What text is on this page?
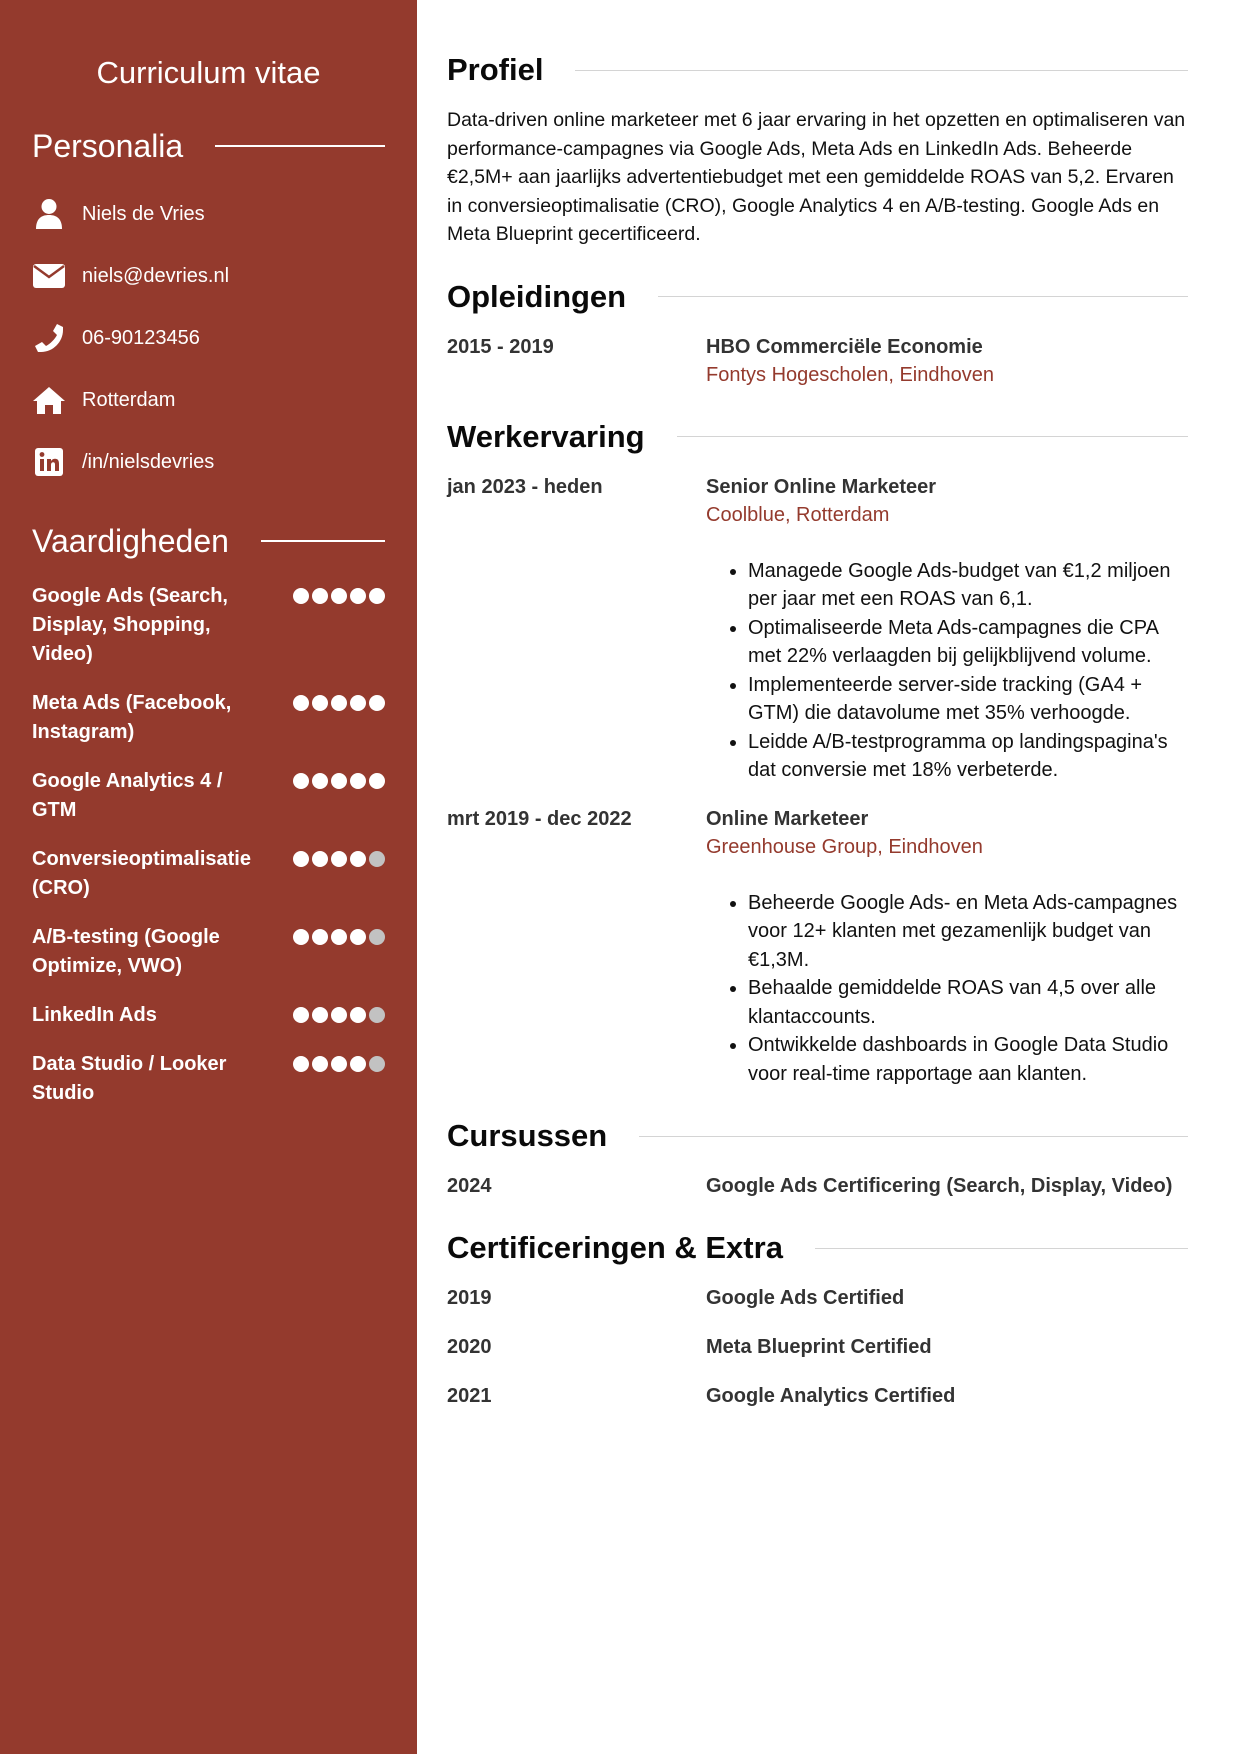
Curriculum vitae
Personalia
Niels de Vries
niels@devries.nl
06-90123456
Rotterdam
/in/nielsdevries
Vaardigheden
Google Ads (Search, Display, Shopping, Video)
Meta Ads (Facebook, Instagram)
Google Analytics 4 / GTM
Conversieoptimalisatie (CRO)
A/B-testing (Google Optimize, VWO)
LinkedIn Ads
Data Studio / Looker Studio
Profiel

Data-driven online marketeer met 6 jaar ervaring in het opzetten en optimaliseren van performance-campagnes via Google Ads, Meta Ads en LinkedIn Ads. Beheerde €2,5M+ aan jaarlijks advertentiebudget met een gemiddelde ROAS van 5,2. Ervaren in conversieoptimalisatie (CRO), Google Analytics 4 en A/B-testing. Google Ads en Meta Blueprint gecertificeerd.

Opleidingen
2015 - 2019	HBO Commerciële Economie
Fontys Hogescholen, Eindhoven
Werkervaring
jan 2023 - heden	Senior Online Marketeer
Coolblue, Rotterdam
• Managede Google Ads-budget van €1,2 miljoen per jaar met een ROAS van 6,1.
• Optimaliseerde Meta Ads-campagnes die CPA met 22% verlaagden bij gelijkblijvend volume.
• Implementeerde server-side tracking (GA4 + GTM) die datavolume met 35% verhoogde.
• Leidde A/B-testprogramma op landingspagina's dat conversie met 18% verbeterde.
mrt 2019 - dec 2022	Online Marketeer
Greenhouse Group, Eindhoven
• Beheerde Google Ads- en Meta Ads-campagnes voor 12+ klanten met gezamenlijk budget van €1,3M.
• Behaalde gemiddelde ROAS van 4,5 over alle klantaccounts.
• Ontwikkelde dashboards in Google Data Studio voor real-time rapportage aan klanten.
Cursussen
2024	Google Ads Certificering (Search, Display, Video)
Certificeringen & Extra
2019	Google Ads Certified
2020	Meta Blueprint Certified
2021	Google Analytics Certified
